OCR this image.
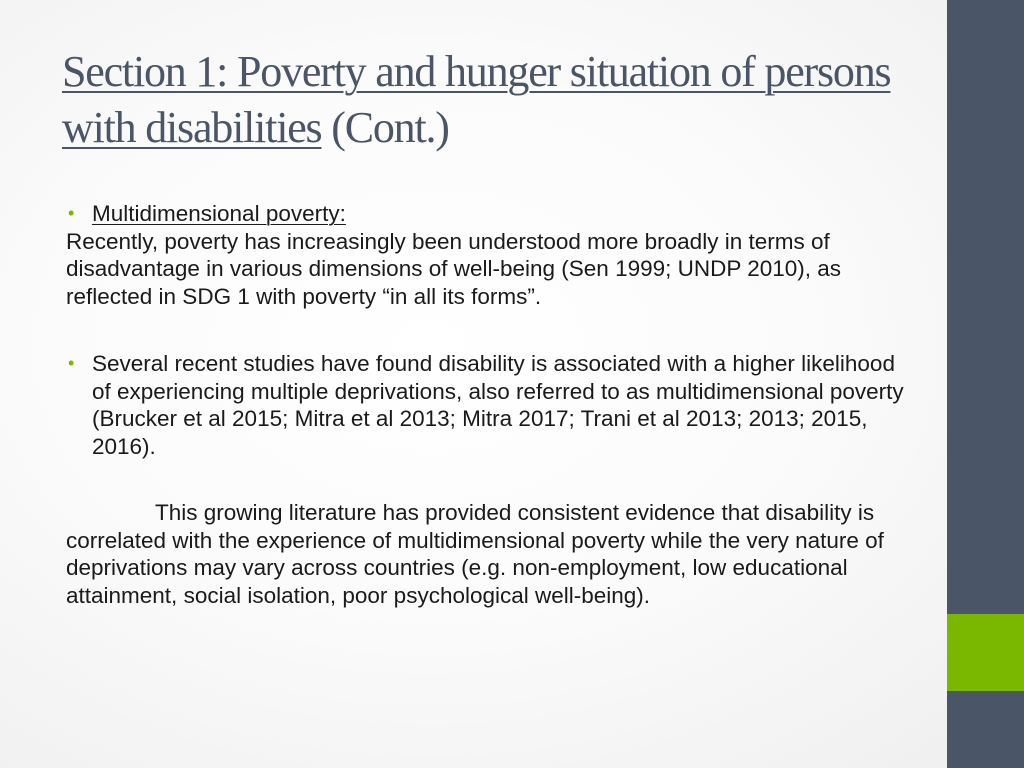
Section 1: Poverty and hunger situation of persons with disabilities (Cont.)
• Multidimensional poverty:

Recently, poverty has increasingly been understood more broadly in terms of disadvantage in various dimensions of well-being (Sen 1999; UNDP 2010), as reflected in SDG 1 with poverty “in all its forms”.

• Several recent studies have found disability is associated with a higher likelihood of experiencing multiple deprivations, also referred to as multidimensional poverty (Brucker et al 2015; Mitra et al 2013; Mitra 2017; Trani et al 2013; 2013; 2015, 2016).

This growing literature has provided consistent evidence that disability is correlated with the experience of multidimensional poverty while the very nature of deprivations may vary across countries (e.g. non-employment, low educational attainment, social isolation, poor psychological well-being).
